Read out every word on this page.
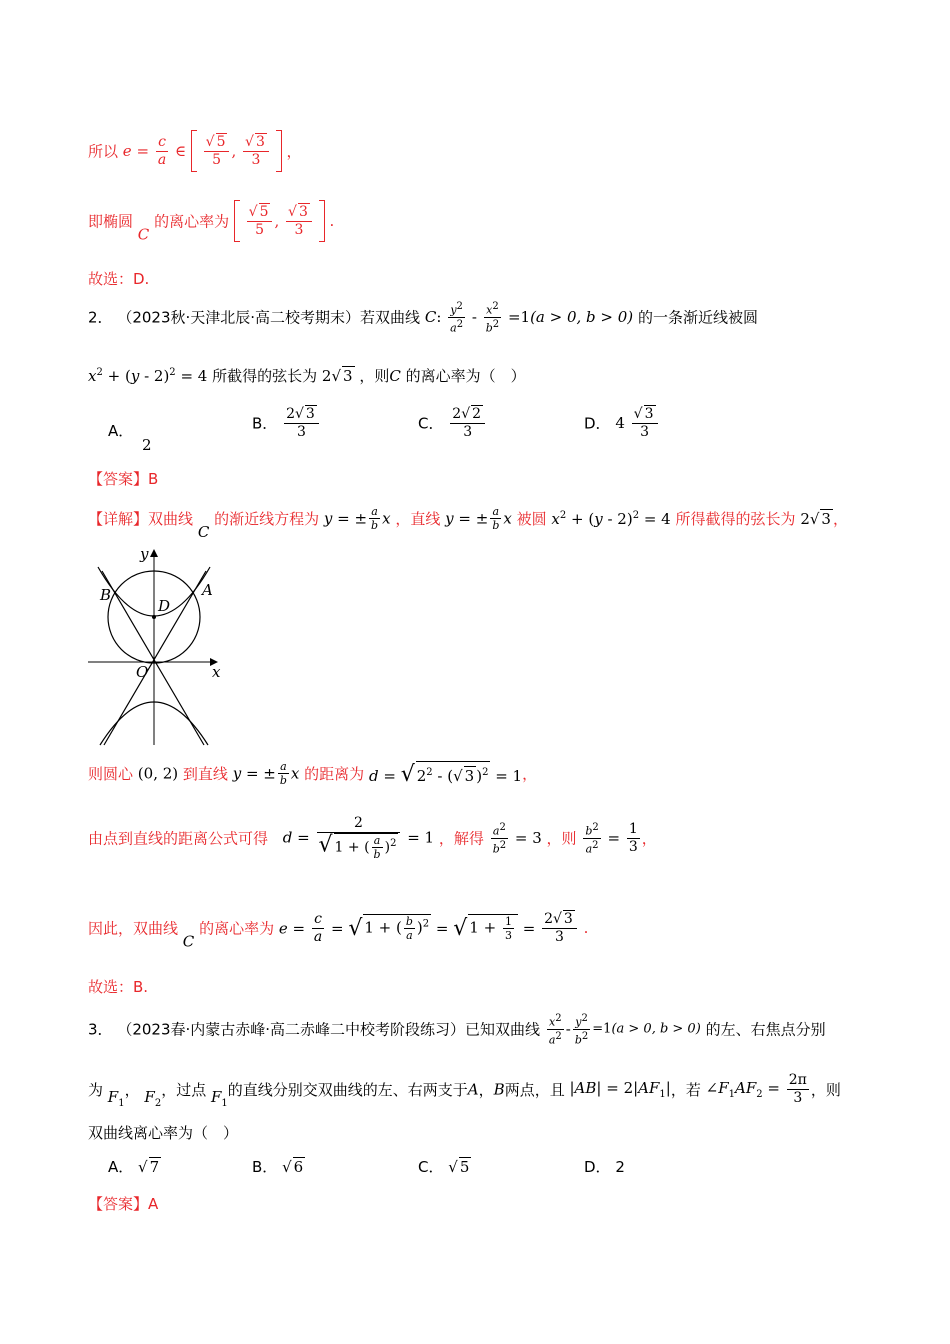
所以 $e = \frac{c}{a}$ ∈ $\frac{√ 5}{5}$ , $\frac{√ 3}{3}$ ，
即椭圆 C 的离心率为 $\frac{√ 5}{5}$ , $\frac{√ 3}{3}$ .
故选：D.
2． （2023秋·天津北辰·高二校考期末）若双曲线 C: $\frac{y^2}{a^2} - \frac{x^2}{b^2} =1(a > 0$, b > 0) 的一条渐近线被圆
$x^2 + (y - 2)^2 = 4$ 所截得的弦长为 2√ 3 ，则C 的离心率为（　）
A． 2
B． $\frac{2√ 3}{3}$	C． $\frac{2√ 2}{3}$	D． $4 \frac{√ 3}{3}$
【答案】B
【详解】双曲线 C 的渐近线方程为 y = ± $\frac{a}{b}$ x ，直线 y = ± $\frac{a}{b}$ x 被圆 $x^2 + (y - 2)^2 = 4$ 所得截得的弦长为 2√ 3 ，
y
x
O
A
B
D
则圆心 (0, 2) 到直线 y = ± $\frac{a}{b}$ x 的距离为 d = √ $2^2$ - (√ 3 )$^2$ = 1，
由点到直线的距离公式可得 $d = \frac{2}{√ 1 + ( \frac{a}{b} )^2} = 1$ ，解得 $\frac{a^2}{b^2} = 3$ ，则 $\frac{b^2}{a^2} = \frac{1}{3}$ ，
因此，双曲线 C 的离心率为 $e = \frac{c}{a}$ = √ 1 + ( $\frac{b}{a} )^2$ = √ $1 + \frac{1}{3} = \frac{2√ 3}{3}$ .
故选：B.
3． （2023春·内蒙古赤峰·高二赤峰二中校考阶段练习）已知双曲线 $\frac{x^2}{a^2} - \frac{y^2}{b^2} =1(a > 0$, b > 0) 的左、右焦点分别
为 $F_1$， $F_2$，过点 $F_1$的直线分别交双曲线的左、右两支于A，B两点，且 $|AB| = 2|AF_1|$，若 $\angle F_1AF_2 = \frac{2\pi}{3}$ ，则
双曲线离心率为（　）
A． √ 7	B． √ 6	C． √ 5	D． 2
【答案】A
